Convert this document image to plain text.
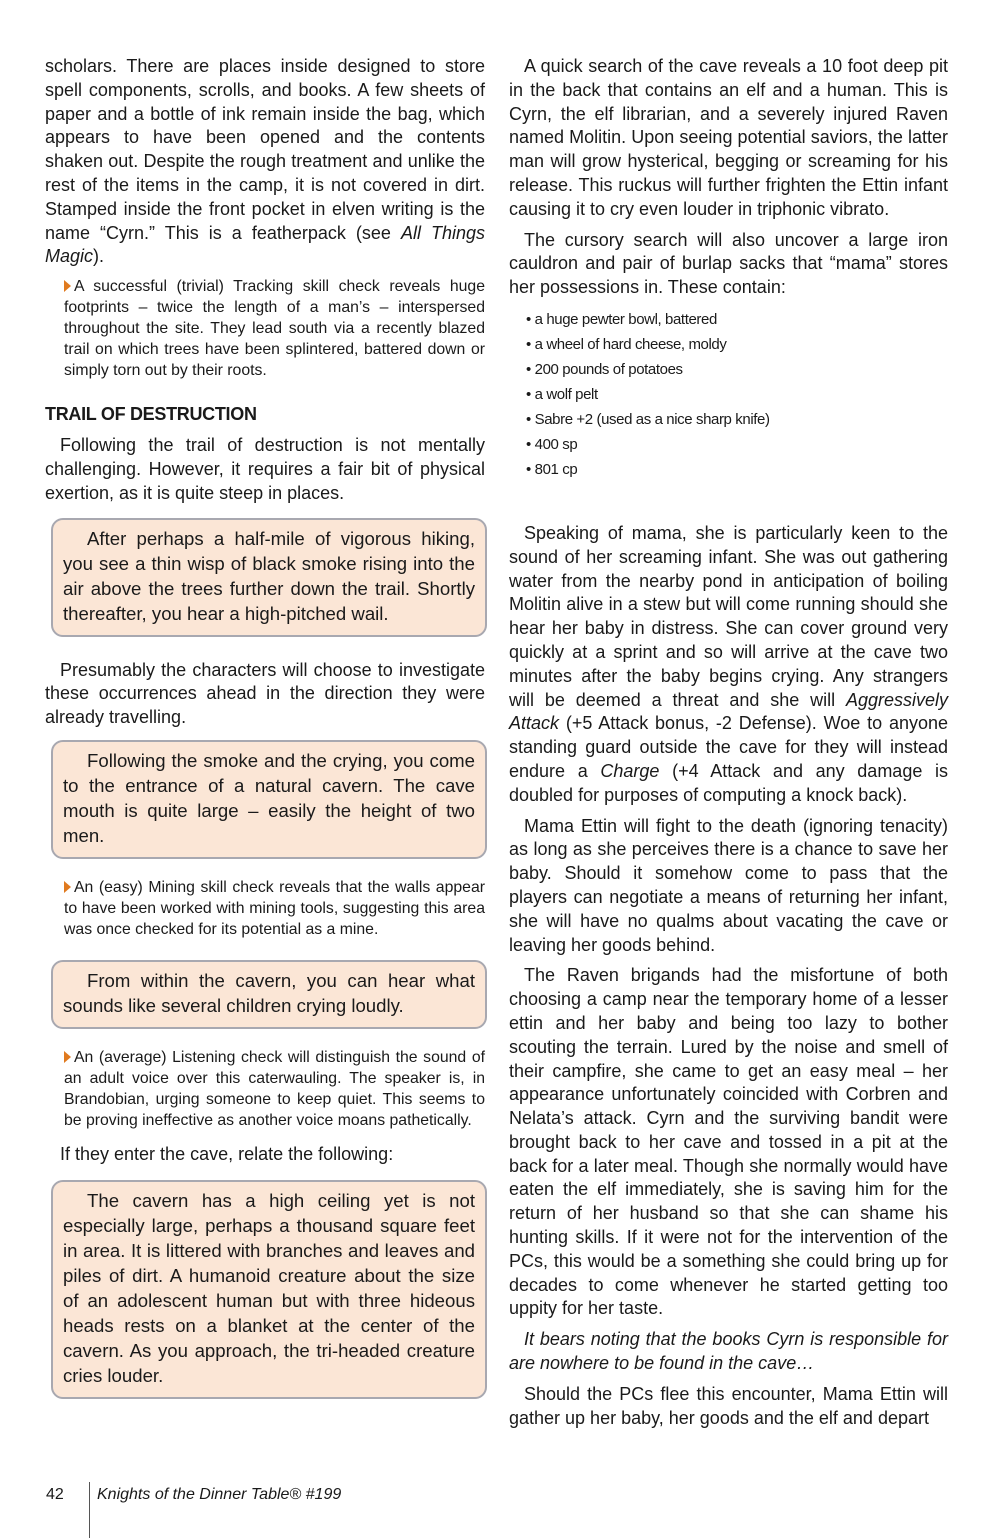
scholars. There are places inside designed to store spell components, scrolls, and books. A few sheets of paper and a bottle of ink remain inside the bag, which appears to have been opened and the contents shaken out. Despite the rough treatment and unlike the rest of the items in the camp, it is not covered in dirt. Stamped inside the front pocket in elven writing is the name “Cyrn.” This is a featherpack (see All Things Magic).

A successful (trivial) Tracking skill check reveals huge footprints – twice the length of a man’s – interspersed throughout the site. They lead south via a recently blazed trail on which trees have been splintered, battered down or simply torn out by their roots.

TRAIL OF DESTRUCTION

Following the trail of destruction is not mentally challenging. However, it requires a fair bit of physical exertion, as it is quite steep in places.

After perhaps a half-mile of vigorous hiking, you see a thin wisp of black smoke rising into the air above the trees further down the trail. Shortly thereafter, you hear a high-pitched wail.

Presumably the characters will choose to investigate these occurrences ahead in the direction they were already travelling.

Following the smoke and the crying, you come to the entrance of a natural cavern. The cave mouth is quite large – easily the height of two men.

An (easy) Mining skill check reveals that the walls appear to have been worked with mining tools, suggesting this area was once checked for its potential as a mine.

From within the cavern, you can hear what sounds like several children crying loudly.

An (average) Listening check will distinguish the sound of an adult voice over this caterwauling. The speaker is, in Brandobian, urging someone to keep quiet. This seems to be proving ineffective as another voice moans pathetically.

If they enter the cave, relate the following:

The cavern has a high ceiling yet is not especially large, perhaps a thousand square feet in area. It is littered with branches and leaves and piles of dirt. A humanoid creature about the size of an adolescent human but with three hideous heads rests on a blanket at the center of the cavern. As you approach, the tri-headed creature cries louder.

A quick search of the cave reveals a 10 foot deep pit in the back that contains an elf and a human. This is Cyrn, the elf librarian, and a severely injured Raven named Molitin. Upon seeing potential saviors, the latter man will grow hysterical, begging or screaming for his release. This ruckus will further frighten the Ettin infant causing it to cry even louder in triphonic vibrato.

The cursory search will also uncover a large iron cauldron and pair of burlap sacks that “mama” stores her possessions in. These contain:

• a huge pewter bowl, battered
• a wheel of hard cheese, moldy
• 200 pounds of potatoes
• a wolf pelt
• Sabre +2 (used as a nice sharp knife)
• 400 sp
• 801 cp

Speaking of mama, she is particularly keen to the sound of her screaming infant. She was out gathering water from the nearby pond in anticipation of boiling Molitin alive in a stew but will come running should she hear her baby in distress. She can cover ground very quickly at a sprint and so will arrive at the cave two minutes after the baby begins crying. Any strangers will be deemed a threat and she will Aggressively Attack (+5 Attack bonus, -2 Defense). Woe to anyone standing guard outside the cave for they will instead endure a Charge (+4 Attack and any damage is doubled for purposes of computing a knock back).

Mama Ettin will fight to the death (ignoring tenacity) as long as she perceives there is a chance to save her baby. Should it somehow come to pass that the players can negotiate a means of returning her infant, she will have no qualms about vacating the cave or leaving her goods behind.

The Raven brigands had the misfortune of both choosing a camp near the temporary home of a lesser ettin and her baby and being too lazy to bother scouting the terrain. Lured by the noise and smell of their campfire, she came to get an easy meal – her appearance unfortunately coincided with Corbren and Nelata’s attack. Cyrn and the surviving bandit were brought back to her cave and tossed in a pit at the back for a later meal. Though she normally would have eaten the elf immediately, she is saving him for the return of her husband so that she can shame his hunting skills. If it were not for the intervention of the PCs, this would be a something she could bring up for decades to come whenever he started getting too uppity for her taste.

It bears noting that the books Cyrn is responsible for are nowhere to be found in the cave…

Should the PCs flee this encounter, Mama Ettin will gather up her baby, her goods and the elf and depart

42 Knights of the Dinner Table® #199
